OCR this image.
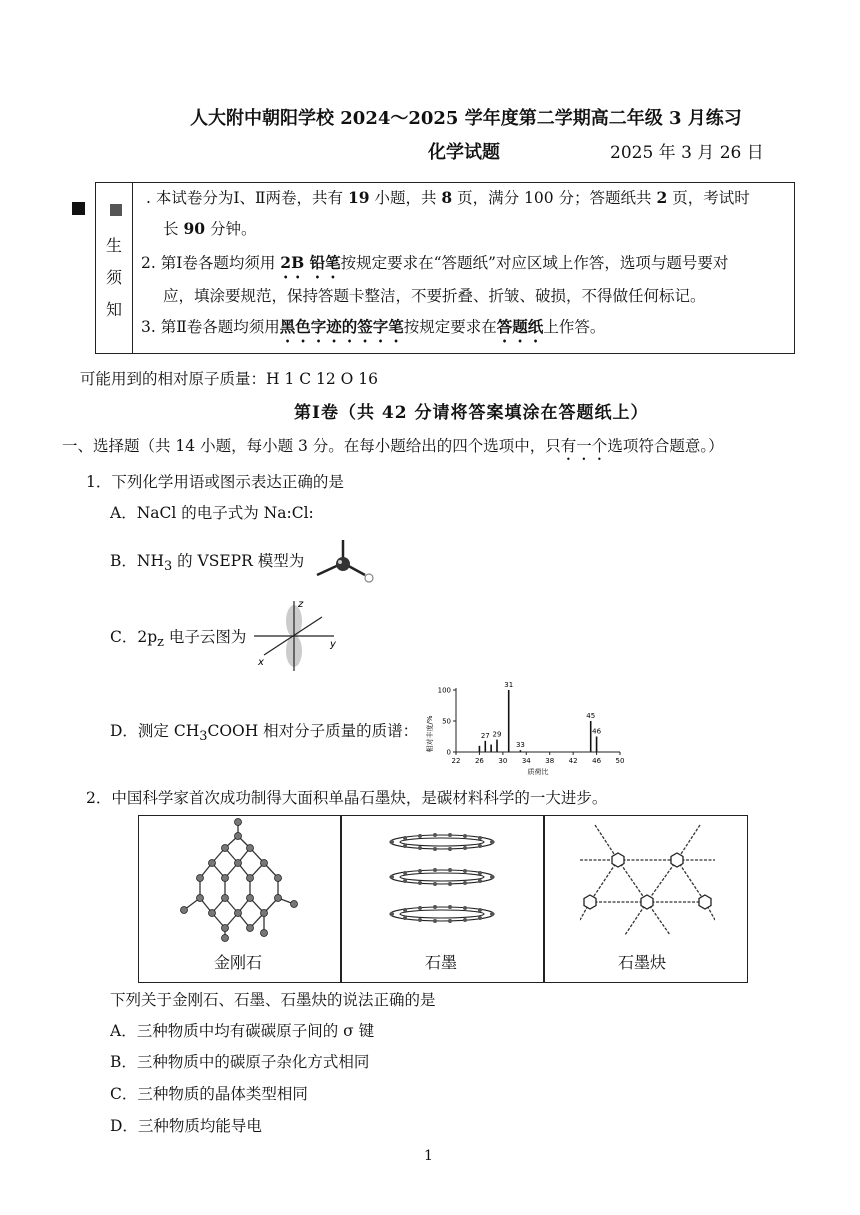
人大附中朝阳学校 2024～2025 学年度第二学期高二年级 3 月练习
化学试题	2025 年 3 月 26 日
生
须
知
. 本试卷分为Ⅰ、Ⅱ两卷，共有 19 小题，共 8 页，满分 100 分；答题纸共 2 页，考试时
长 90 分钟。
2. 第Ⅰ卷各题均须用 2B 铅笔按规定要求在“答题纸”对应区域上作答，选项与题号要对
应，填涂要规范，保持答题卡整洁，不要折叠、折皱、破损，不得做任何标记。
3. 第Ⅱ卷各题均须用黑色字迹的签字笔按规定要求在答题纸上作答。
可能用到的相对原子质量：H 1 C 12 O 16
第Ⅰ卷（共 42 分请将答案填涂在答题纸上）
一、选择题（共 14 小题，每小题 3 分。在每小题给出的四个选项中，只有一个选项符合题意。）
1．下列化学用语或图示表达正确的是
A．NaCl 的电子式为 Na:Cl:
B．$NH_3$ 的 VSEPR 模型为
C．$2p_z$ 电子云图为
z
y
x
D．测定 $CH_3COOH$ 相对分子质量的质谱： 相对丰度/% 0
50
100
22 26 30 34 38 42 46 50
27 29
31
33
45
46
质荷比
2．中国科学家首次成功制得大面积单晶石墨炔，是碳材料科学的一大进步。
金刚石	石墨	石墨炔
下列关于金刚石、石墨、石墨炔的说法正确的是
A．三种物质中均有碳碳原子间的 σ 键
B．三种物质中的碳原子杂化方式相同
C．三种物质的晶体类型相同
D．三种物质均能导电
1
